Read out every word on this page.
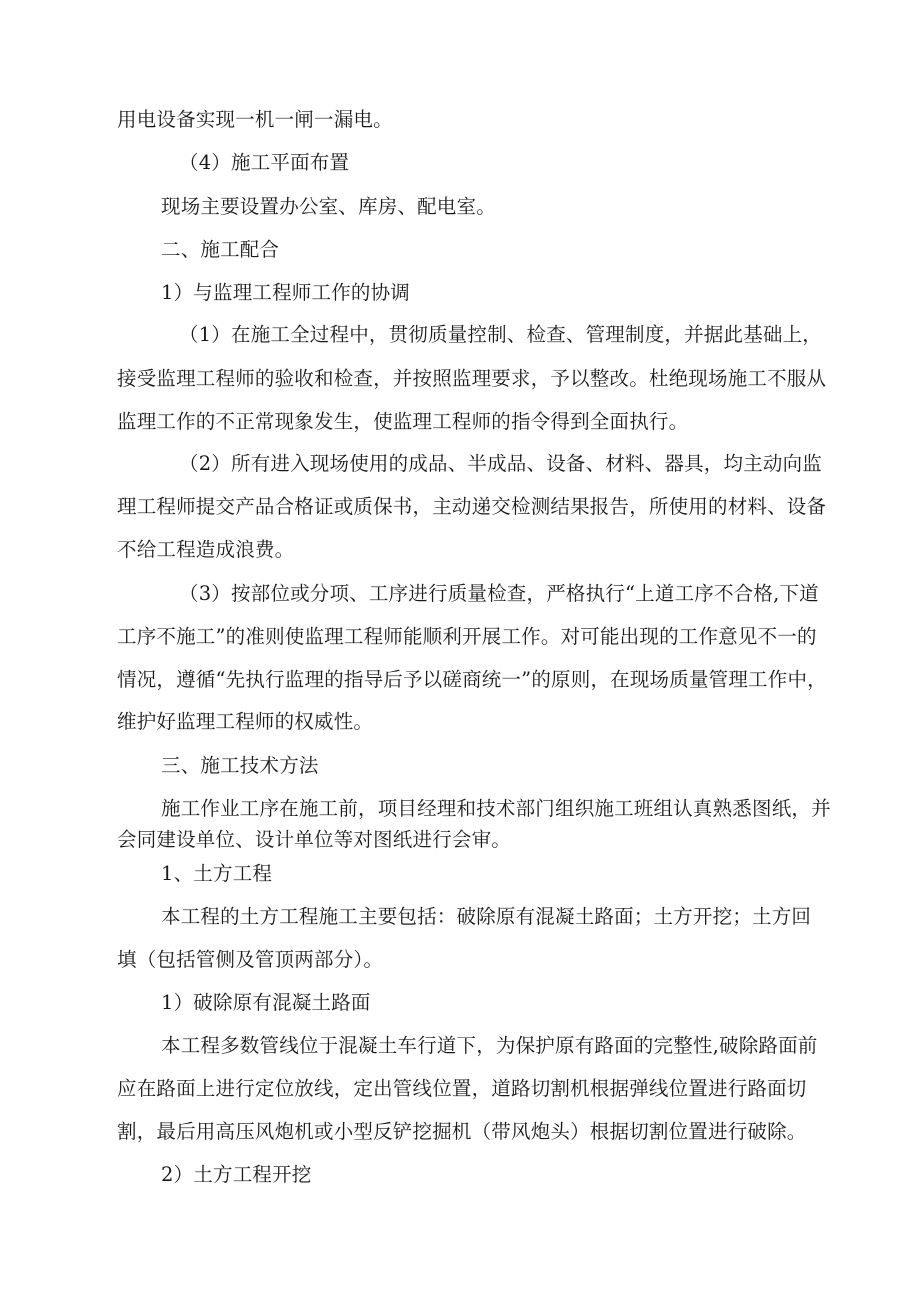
用电设备实现一机一闸一漏电。
（4）施工平面布置
现场主要设置办公室、库房、配电室。
二、施工配合
1）与监理工程师工作的协调
（1）在施工全过程中，贯彻质量控制、检查、管理制度，并据此基础上，
接受监理工程师的验收和检查，并按照监理要求，予以整改。杜绝现场施工不服从
监理工作的不正常现象发生，使监理工程师的指令得到全面执行。
（2）所有进入现场使用的成品、半成品、设备、材料、器具，均主动向监
理工程师提交产品合格证或质保书，主动递交检测结果报告，所使用的材料、设备
不给工程造成浪费。
（3）按部位或分项、工序进行质量检查，严格执行“上道工序不合格,下道
工序不施工”的准则使监理工程师能顺利开展工作。对可能出现的工作意见不一的
情况，遵循“先执行监理的指导后予以磋商统一”的原则，在现场质量管理工作中，
维护好监理工程师的权威性。
三、施工技术方法
施工作业工序在施工前，项目经理和技术部门组织施工班组认真熟悉图纸，并
会同建设单位、设计单位等对图纸进行会审。
1、土方工程
本工程的土方工程施工主要包括：破除原有混凝土路面；土方开挖；土方回
填（包括管侧及管顶两部分）。
1）破除原有混凝土路面
本工程多数管线位于混凝土车行道下，为保护原有路面的完整性,破除路面前
应在路面上进行定位放线，定出管线位置，道路切割机根据弹线位置进行路面切
割，最后用高压风炮机或小型反铲挖掘机（带风炮头）根据切割位置进行破除。
2）土方工程开挖
